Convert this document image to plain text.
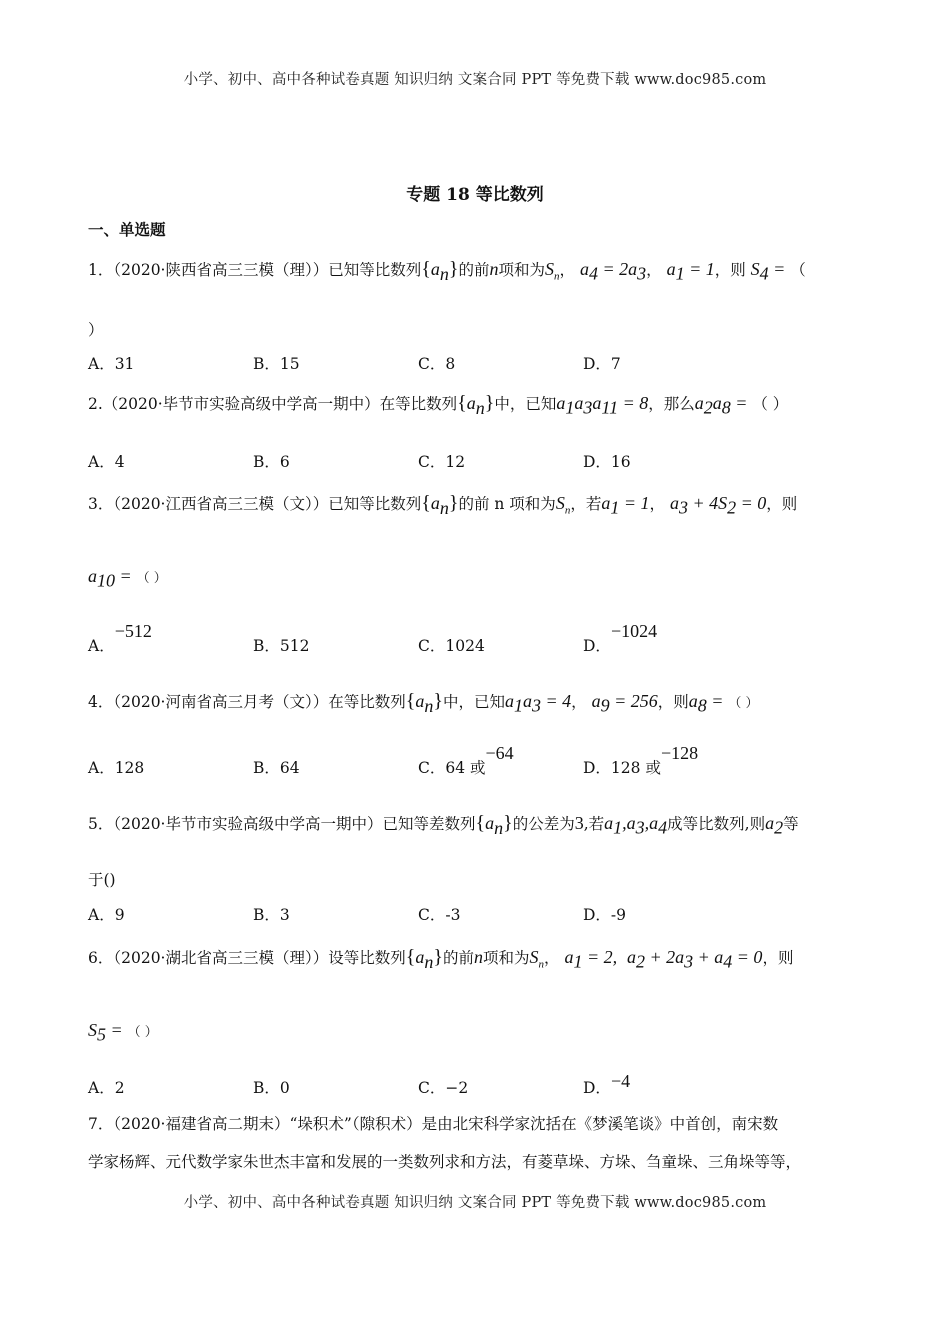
小学、初中、高中各种试卷真题 知识归纳 文案合同 PPT 等免费下载 www.doc985.com
专题 18 等比数列
一、单选题
1．（2020·陕西省高三三模（理））已知等比数列$\{a_n\}$的前n项和为$S_n$， $a_4 = 2a_3$， $a_1 = 1$，则 $S_4$ = （
）
A．31	B．15	C．8	D．7
2.（2020·毕节市实验高级中学高一期中）在等比数列$\{a_n\}$中，已知$a_1a_3a_{11} = 8$，那么$a_2a_8$ = （ ）
A．4	B．6	C．12	D．16
3．（2020·江西省高三三模（文））已知等比数列$\{a_n\}$的前 n 项和为$S_n$，若$a_1 = 1$， $a_3 + 4S_2 = 0$，则
$a_{10}$ = （ ）
A．−512
B．512	C．1024	D．−1024
4．（2020·河南省高三月考（文））在等比数列$\{a_n\}$中，已知$a_1a_3 = 4$， $a_9 = 256$，则$a_8$ = （ ）
A．128	B．64	C．64 或−64
D．128 或−128
5．（2020·毕节市实验高级中学高一期中）已知等差数列$\{a_n\}$的公差为3,若$a_1,a_3,a_4$成等比数列,则$a_2$等
于()
A．9	B．3	C．-3	D．-9
6．（2020·湖北省高三三模（理））设等比数列$\{a_n\}$的前n项和为$S_n$， $a_1 = 2$, $a_2 + 2a_3 + a_4 = 0$，则
$S_5$ = （ ）
A．2	B．0	C．−2	D．−4
7．（2020·福建省高二期末）“垛积术”（隙积术）是由北宋科学家沈括在《梦溪笔谈》中首创，南宋数
学家杨辉、元代数学家朱世杰丰富和发展的一类数列求和方法，有菱草垛、方垛、刍童垛、三角垛等等，
小学、初中、高中各种试卷真题 知识归纳 文案合同 PPT 等免费下载 www.doc985.com
